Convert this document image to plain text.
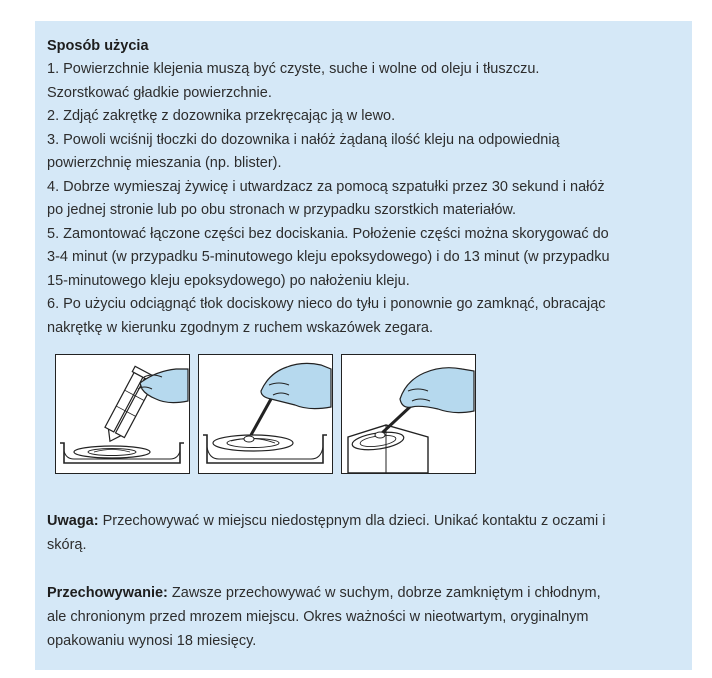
Sposób użycia
1. Powierzchnie klejenia muszą być czyste, suche i wolne od oleju i tłuszczu.
Szorstkować gładkie powierzchnie.
2. Zdjąć zakrętkę z dozownika przekręcając ją w lewo.
3. Powoli wciśnij tłoczki do dozownika i nałóż żądaną ilość kleju na odpowiednią
powierzchnię mieszania (np. blister).
4. Dobrze wymieszaj żywicę i utwardzacz za pomocą szpatułki przez 30 sekund i nałóż
po jednej stronie lub po obu stronach w przypadku szorstkich materiałów.
5. Zamontować łączone części bez dociskania. Położenie części można skorygować do
3-4 minut (w przypadku 5-minutowego kleju epoksydowego) i do 13 minut (w przypadku
15-minutowego kleju epoksydowego) po nałożeniu kleju.
6. Po użyciu odciągnąć tłok dociskowy nieco do tyłu i ponownie go zamknąć, obracając
nakrętkę w kierunku zgodnym z ruchem wskazówek zegara.
Uwaga: Przechowywać w miejscu niedostępnym dla dzieci. Unikać kontaktu z oczami i
skórą.
Przechowywanie: Zawsze przechowywać w suchym, dobrze zamkniętym i chłodnym,
ale chronionym przed mrozem miejscu. Okres ważności w nieotwartym, oryginalnym
opakowaniu wynosi 18 miesięcy.
